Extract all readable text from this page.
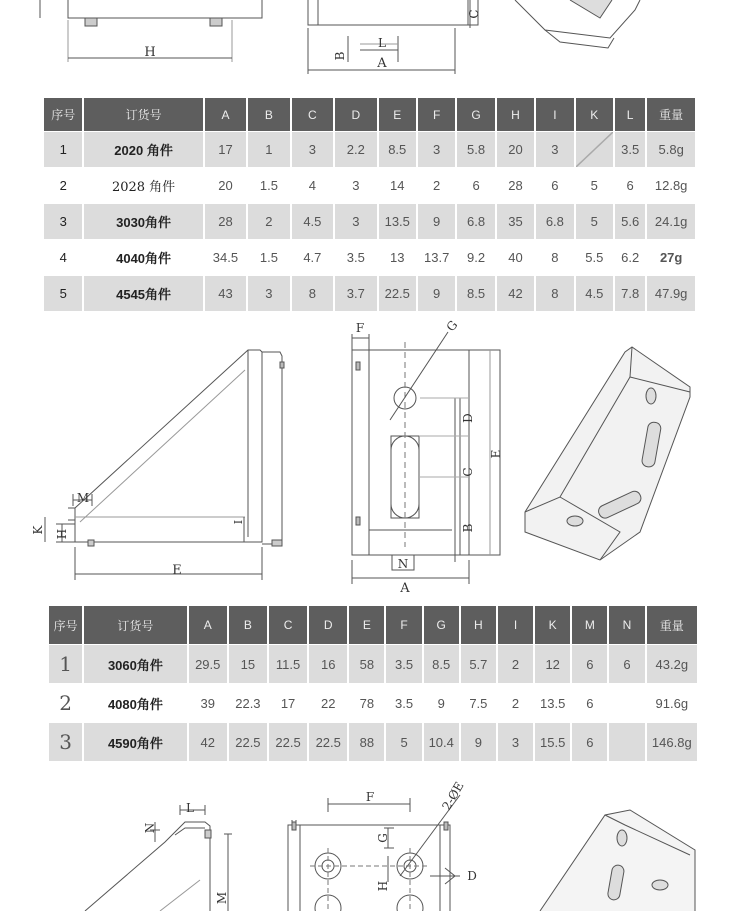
H
L
A
B
C
序号	订货号	A	B	C	D	E	F	G	H	I	K	L	重量
1	2020 角件	17	1	3	2.2	8.5	3	5.8	20	3		3.5	5.8g
2	2028 角件	20	1.5	4	3	14	2	6	28	6	5	6	12.8g
3	3030角件	28	2	4.5	3	13.5	9	6.8	35	6.8	5	5.6	24.1g
4	4040角件	34.5	1.5	4.7	3.5	13	13.7	9.2	40	8	5.5	6.2	27g
5	4545角件	43	3	8	3.7	22.5	9	8.5	42	8	4.5	7.8	47.9g
M
K H
I
E
F	G
D
C
B
E
N
A
序号	订货号	A	B	C	D	E	F	G	H	I	K	M	N	重量
1	3060角件	29.5	15	11.5	16	58	3.5	8.5	5.7	2	12	6	6	43.2g
2	4080角件	39	22.3	17	22	78	3.5	9	7.5	2	13.5	6		91.6g
3	4590角件	42	22.5	22.5	22.5	88	5	10.4	9	3	15.5	6		146.8g
L
N
M
F	2-ØE
G
H
D
